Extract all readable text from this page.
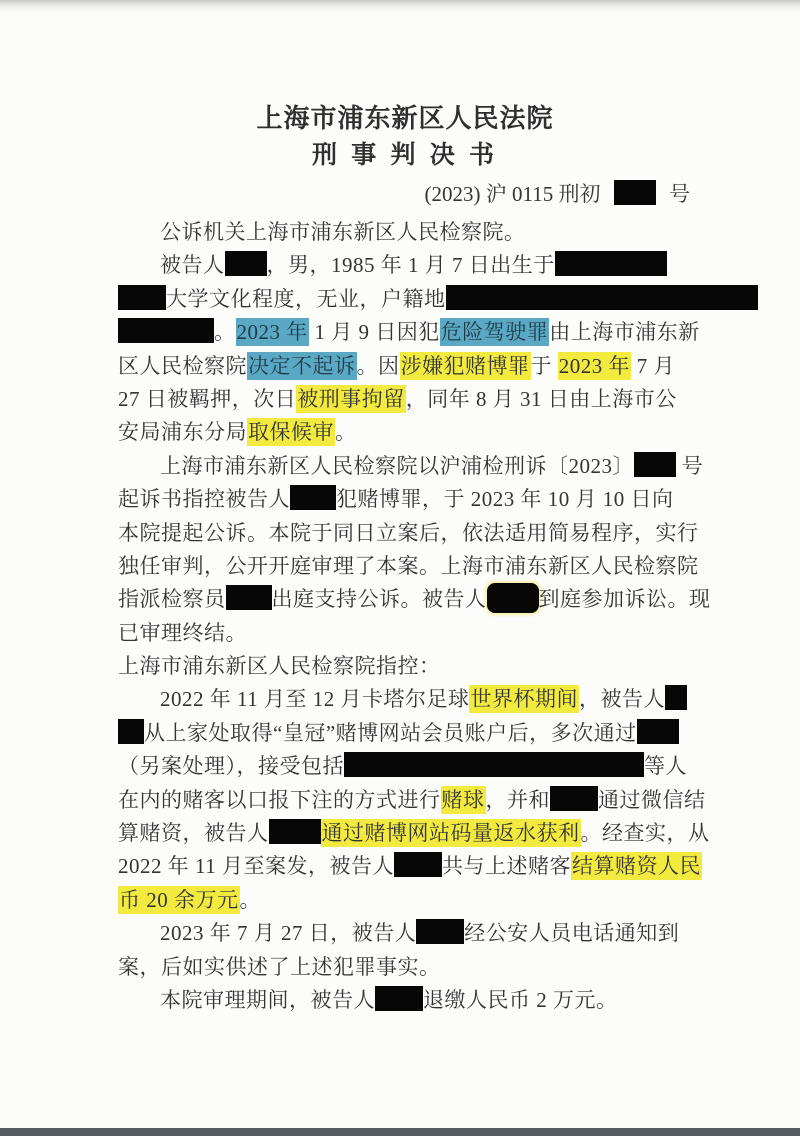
上海市浦东新区人民法院
刑 事 判 决 书
(2023) 沪 0115 刑初	号
公诉机关上海市浦东新区人民检察院。
被告人 ，男，1985 年 1 月 7 日出生于
大学文化程度，无业，户籍地
。2023 年 1 月 9 日因犯危险驾驶罪由上海市浦东新
区人民检察院决定不起诉。因涉嫌犯赌博罪于 2023 年 7 月
27 日被羁押，次日被刑事拘留，同年 8 月 31 日由上海市公
安局浦东分局取保候审。
上海市浦东新区人民检察院以沪浦检刑诉〔2023〕 号
起诉书指控被告人 犯赌博罪，于 2023 年 10 月 10 日向
本院提起公诉。本院于同日立案后，依法适用简易程序，实行
独任审判，公开开庭审理了本案。上海市浦东新区人民检察院
指派检察员 出庭支持公诉。被告人 到庭参加诉讼。现
已审理终结。
上海市浦东新区人民检察院指控：
2022 年 11 月至 12 月卡塔尔足球世界杯期间，被告人
从上家处取得“皇冠”赌博网站会员账户后，多次通过
（另案处理），接受包括	等人
在内的赌客以口报下注的方式进行赌球，并和 通过微信结
算赌资，被告人	通过赌博网站码量返水获利。经查实，从
2022 年 11 月至案发，被告人 共与上述赌客结算赌资人民
币 20 余万元。
2023 年 7 月 27 日，被告人 经公安人员电话通知到
案，后如实供述了上述犯罪事实。
本院审理期间，被告人 退缴人民币 2 万元。
